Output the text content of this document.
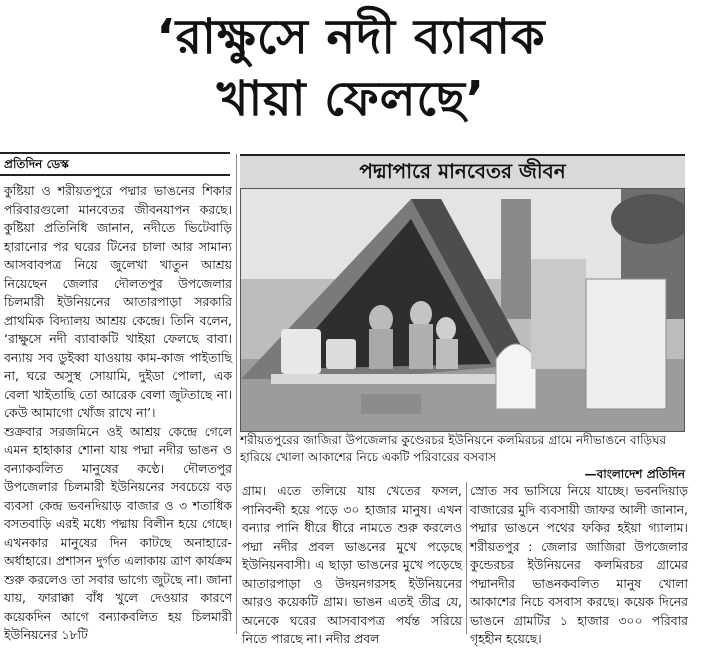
‘রাক্ষুসে নদী ব্যাবাক
খায়া ফেলছে’
প্রতিদিন ডেস্ক

কুষ্টিয়া ও শরীয়তপুরে পদ্মার ভাঙনের শিকার পরিবারগুলো মানবেতর জীবনযাপন করছে। কুষ্টিয়া প্রতিনিধি জানান, নদীতে ভিটেবাড়ি হারানোর পর ঘরের টিনের চালা আর সামান্য আসবাবপত্র নিয়ে জুলেখা খাতুন আশ্রয় নিয়েছেন জেলার দৌলতপুর উপজেলার চিলমারী ইউনিয়নের আতারপাড়া সরকারি প্রাথমিক বিদ্যালয় আশ্রয় কেন্দ্রে। তিনি বলেন, ‘রাক্ষুসে নদী ব্যাবাকটি খাইয়া ফেলছে বাবা। বন্যায় সব ডুইব্বা যাওয়ায় কাম-কাজ পাইতাছি না, ঘরে অসুস্থ সোয়ামি, দুইডা পোলা, এক বেলা খাইতাছি তো আরেক বেলা জুটতাছে না। কেউ আমাগো খোঁজ রাখে না’।

শুক্রবার সরজমিনে ওই আশ্রয় কেন্দ্রে গেলে এমন হাহাকার শোনা যায় পদ্মা নদীর ভাঙন ও বন্যাকবলিত মানুষের কণ্ঠে। দৌলতপুর উপজেলার চিলমারী ইউনিয়নের সবচেয়ে বড় ব্যবসা কেন্দ্র ভবনদিয়াড় বাজার ও ৩ শতাধিক বসতবাড়ি এরই মধ্যে পদ্মায় বিলীন হয়ে গেছে। এখনকার মানুষের দিন কাটছে অনাহারে-অর্ধাহারে। প্রশাসন দুর্গত এলাকায় ত্রাণ কার্যক্রম শুরু করলেও তা সবার ভাগ্যে জুটছে না। জানা যায়, ফারাক্কা বাঁধ খুলে দেওয়ার কারণে কয়েকদিন আগে বন্যাকবলিত হয় চিলমারী ইউনিয়নের ১৮টি

পদ্মাপারে মানবেতর জীবন
শরীয়তপুরের জাজিরা উপজেলার কুণ্ডেরচর ইউনিয়নে কলমিরচর গ্রামে নদীভাঙনে বাড়িঘর হারিয়ে খোলা আকাশের নিচে একটি পরিবারের বসবাস
—বাংলাদেশ প্রতিদিন

গ্রাম। এতে তলিয়ে যায় খেতের ফসল, পানিবন্দী হয়ে পড়ে ৩০ হাজার মানুষ। এখন বন্যার পানি ধীরে ধীরে নামতে শুরু করলেও পদ্মা নদীর প্রবল ভাঙনের মুখে পড়েছে ইউনিয়নবাসী। এ ছাড়া ভাঙনের মুখে পড়েছে আতারপাড়া ও উদয়নগরসহ ইউনিয়নের আরও কয়েকটি গ্রাম। ভাঙন এতই তীব্র যে, অনেকে ঘরের আসবাবপত্র পর্যন্ত সরিয়ে নিতে পারছে না। নদীর প্রবল

স্রোত সব ভাসিয়ে নিয়ে যাচ্ছে। ভবনদিয়াড় বাজারের মুদি ব্যবসায়ী জাফর আলী জানান, পদ্মার ভাঙনে পথের ফকির হইয়া গ্যালাম। শরীয়তপুর : জেলার জাজিরা উপজেলার কুন্ডেরচর ইউনিয়নের কলমিরচর গ্রামের পদ্মানদীর ভাঙনকবলিত মানুষ খোলা আকাশের নিচে বসবাস করছে। কয়েক দিনের ভাঙনে গ্রামটির ১ হাজার ৩০০ পরিবার গৃহহীন হয়েছে।
